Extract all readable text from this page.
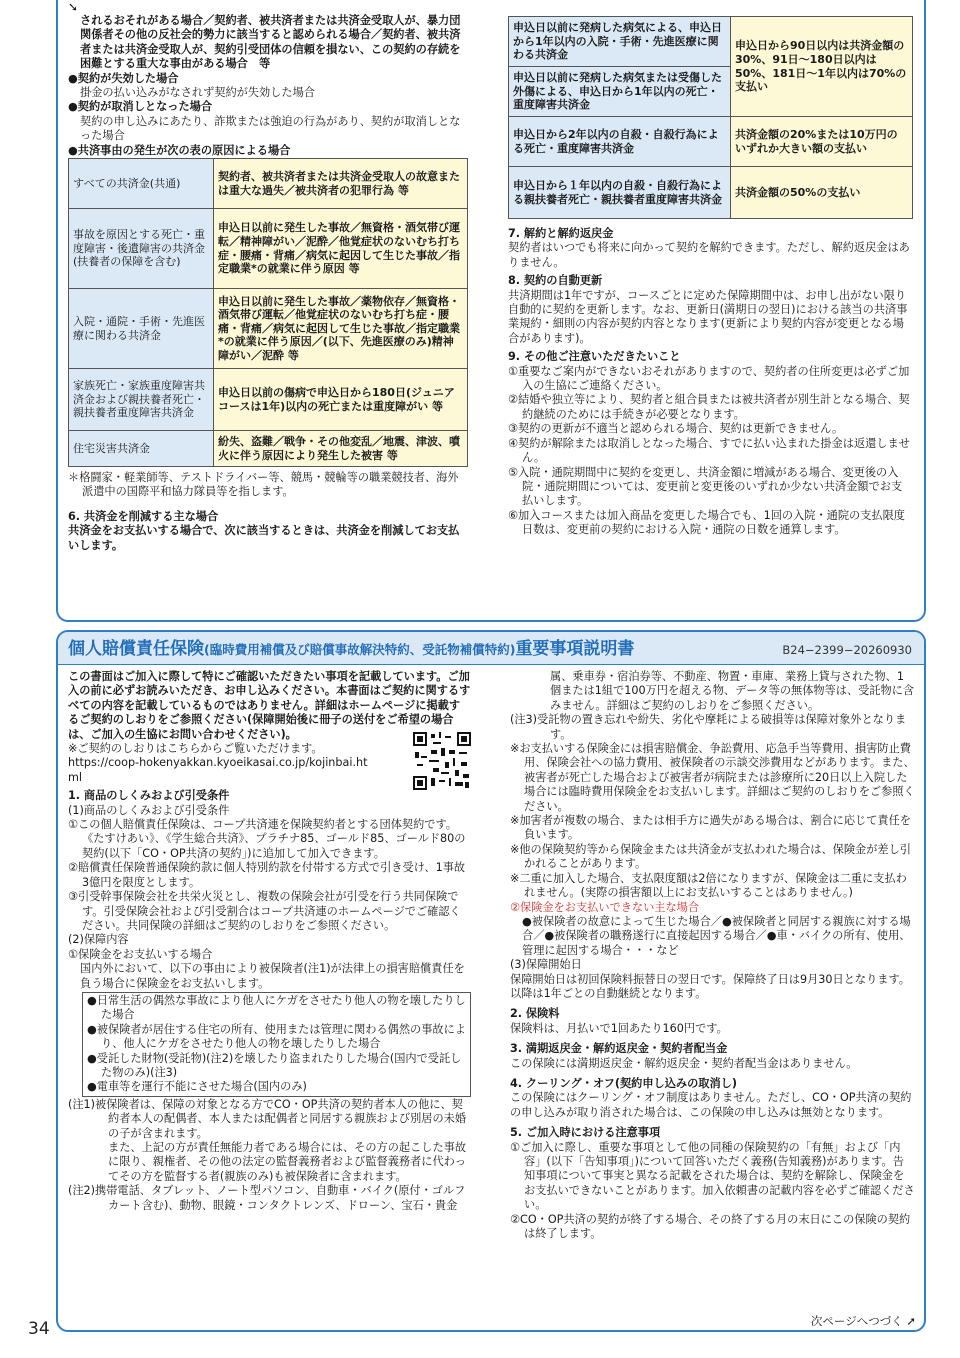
➘

されるおそれがある場合／契約者、被共済者または共済金受取人が、暴力団関係者その他の反社会的勢力に該当すると認められる場合／契約者、被共済者または共済金受取人が、契約引受団体の信頼を損ない、この契約の存続を困難とする重大な事由がある場合　等

●契約が失効した場合

掛金の払い込みがなされず契約が失効した場合

●契約が取消しとなった場合

契約の申し込みにあたり、詐欺または強迫の行為があり、契約が取消しとなった場合

●共済事由の発生が次の表の原因による場合

すべての共済金(共通)	契約者、被共済者または共済金受取人の故意または重大な過失／被共済者の犯罪行為 等
事故を原因とする死亡・重度障害・後遺障害の共済金(扶養者の保障を含む)	申込日以前に発生した事故／無資格・酒気帯び運転／精神障がい／泥酔／他覚症状のないむち打ち症・腰痛・背痛／病気に起因して生じた事故／指定職業*の就業に伴う原因 等
入院・通院・手術・先進医療に関わる共済金	申込日以前に発生した事故／薬物依存／無資格・酒気帯び運転／他覚症状のないむち打ち症・腰痛・背痛／病気に起因して生じた事故／指定職業*の就業に伴う原因／(以下、先進医療のみ)精神障がい／泥酔 等
家族死亡・家族重度障害共済金および親扶養者死亡・親扶養者重度障害共済金	申込日以前の傷病で申込日から180日(ジュニアコースは1年)以内の死亡または重度障がい 等
住宅災害共済金	紛失、盗難／戦争・その他変乱／地震、津波、噴火に伴う原因により発生した被害 等

＊格闘家・軽業師等、テストドライバー等、競馬・競輪等の職業競技者、海外派遣中の国際平和協力隊員等を指します。

6. 共済金を削減する主な場合

共済金をお支払いする場合で、次に該当するときは、共済金を削減してお支払いします。

申込日以前に発病した病気による、申込日から1年以内の入院・手術・先進医療に関わる共済金	申込日から90日以内は共済金額の30%、91日～180日以内は50%、181日～1年以内は70%の支払い
申込日以前に発病した病気または受傷した外傷による、申込日から1年以内の死亡・重度障害共済金	
申込日から2年以内の自殺・自殺行為による死亡・重度障害共済金	共済金額の20%または10万円のいずれか大きい額の支払い
申込日から１年以内の自殺・自殺行為による親扶養者死亡・親扶養者重度障害共済金	共済金額の50%の支払い

7. 解約と解約返戻金

契約者はいつでも将来に向かって契約を解約できます。ただし、解約返戻金はありません。

8. 契約の自動更新

共済期間は1年ですが、コースごとに定めた保障期間中は、お申し出がない限り自動的に契約を更新します。なお、更新日(満期日の翌日)における該当の共済事業規約・細則の内容が契約内容となります(更新により契約内容が変更となる場合があります)。

9. その他ご注意いただきたいこと

①重要なご案内ができないおそれがありますので、契約者の住所変更は必ずご加入の生協にご連絡ください。

②結婚や独立等により、契約者と組合員または被共済者が別生計となる場合、契約継続のためには手続きが必要となります。

③契約の更新が不適当と認められる場合、契約は更新できません。

④契約が解除または取消しとなった場合、すでに払い込まれた掛金は返還しません。

⑤入院・通院期間中に契約を変更し、共済金額に増減がある場合、変更後の入院・通院期間については、変更前と変更後のいずれか少ない共済金額でお支払いします。

⑥加入コースまたは加入商品を変更した場合でも、1回の入院・通院の支払限度日数は、変更前の契約における入院・通院の日数を通算します。

個人賠償責任保険(臨時費用補償及び賠償事故解決特約、受託物補償特約)重要事項説明書	B24−2399−20260930

この書面はご加入に際して特にご確認いただきたい事項を記載しています。ご加入の前に必ずお読みいただき、お申し込みください。本書面はご契約に関するすべての内容を記載しているものではありません。詳細はホームページに掲載するご契約のしおりをご参照ください(保障開始後に冊子の送付をご希望の場合は、ご加入の生協にお問い合わせください)。

※ご契約のしおりはこちらからご覧いただけます。

https://coop-hokenyakkan.kyoeikasai.co.jp/kojinbai.html

1. 商品のしくみおよび引受条件

(1)商品のしくみおよび引受条件

①この個人賠償責任保険は、コープ共済連を保険契約者とする団体契約です。《たすけあい》、《学生総合共済》、プラチナ85、ゴールド85、ゴールド80の契約(以下「CO・OP共済の契約」)に追加して加入できます。

②賠償責任保険普通保険約款に個人特別約款を付帯する方式で引き受け、1事故3億円を限度とします。

③引受幹事保険会社を共栄火災とし、複数の保険会社が引受を行う共同保険です。引受保険会社および引受割合はコープ共済連のホームページでご確認ください。共同保険の詳細はご契約のしおりをご参照ください。

(2)保障内容

①保険金をお支払いする場合

国内外において、以下の事由により被保険者(注1)が法律上の損害賠償責任を負う場合に保険金をお支払いします。

●日常生活の偶然な事故により他人にケガをさせたり他人の物を壊したりした場合

●被保険者が居住する住宅の所有、使用または管理に関わる偶然の事故により、他人にケガをさせたり他人の物を壊したりした場合

●受託した財物(受託物)(注2)を壊したり盗まれたりした場合(国内で受託した物のみ)(注3)

●電車等を運行不能にさせた場合(国内のみ)

(注1)被保険者は、保障の対象となる方でCO・OP共済の契約者本人の他に、契約者本人の配偶者、本人または配偶者と同居する親族および別居の未婚の子が含まれます。

また、上記の方が責任無能力者である場合には、その方の起こした事故に限り、親権者、その他の法定の監督義務者および監督義務者に代わってその方を監督する者(親族のみ)も被保険者に含まれます。

(注2)携帯電話、タブレット、ノート型パソコン、自動車・バイク(原付・ゴルフカート含む)、動物、眼鏡・コンタクトレンズ、ドローン、宝石・貴金

属、乗車券・宿泊券等、不動産、物置・車庫、業務上貸与された物、1個または1組で100万円を超える物、データ等の無体物等は、受託物に含みません。詳細はご契約のしおりをご参照ください。

(注3)受託物の置き忘れや紛失、劣化や摩耗による破損等は保障対象外となります。

※お支払いする保険金には損害賠償金、争訟費用、応急手当等費用、損害防止費用、保険会社への協力費用、被保険者の示談交渉費用などがあります。また、被害者が死亡した場合および被害者が病院または診療所に20日以上入院した場合には臨時費用保険金をお支払いします。詳細はご契約のしおりをご参照ください。

※加害者が複数の場合、または相手方に過失がある場合は、割合に応じて責任を負います。

※他の保険契約等から保険金または共済金が支払われた場合は、保険金が差し引かれることがあります。

※二重に加入した場合、支払限度額は2倍になりますが、保険金は二重に支払われません。(実際の損害額以上にお支払いすることはありません。)

②保険金をお支払いできない主な場合

●被保険者の故意によって生じた場合／●被保険者と同居する親族に対する場合／●被保険者の職務遂行に直接起因する場合／●車・バイクの所有、使用、管理に起因する場合・・・など

(3)保障開始日

保障開始日は初回保険料振替日の翌日です。保障終了日は9月30日となります。以降は1年ごとの自動継続となります。

2. 保険料

保険料は、月払いで1回あたり160円です。

3. 満期返戻金・解約返戻金・契約者配当金

この保険には満期返戻金・解約返戻金・契約者配当金はありません。

4. クーリング・オフ(契約申し込みの取消し)

この保険にはクーリング・オフ制度はありません。ただし、CO・OP共済の契約の申し込みが取り消された場合は、この保険の申し込みは無効となります。

5. ご加入時における注意事項

①ご加入に際し、重要な事項として他の同種の保険契約の「有無」および「内容」(以下「告知事項」)について回答いただく義務(告知義務)があります。告知事項について事実と異なる記載をされた場合は、契約を解除し、保険金をお支払いできないことがあります。加入依頼書の記載内容を必ずご確認ください。

②CO・OP共済の契約が終了する場合、その終了する月の末日にこの保険の契約は終了します。

次ページへつづく ➚
34
